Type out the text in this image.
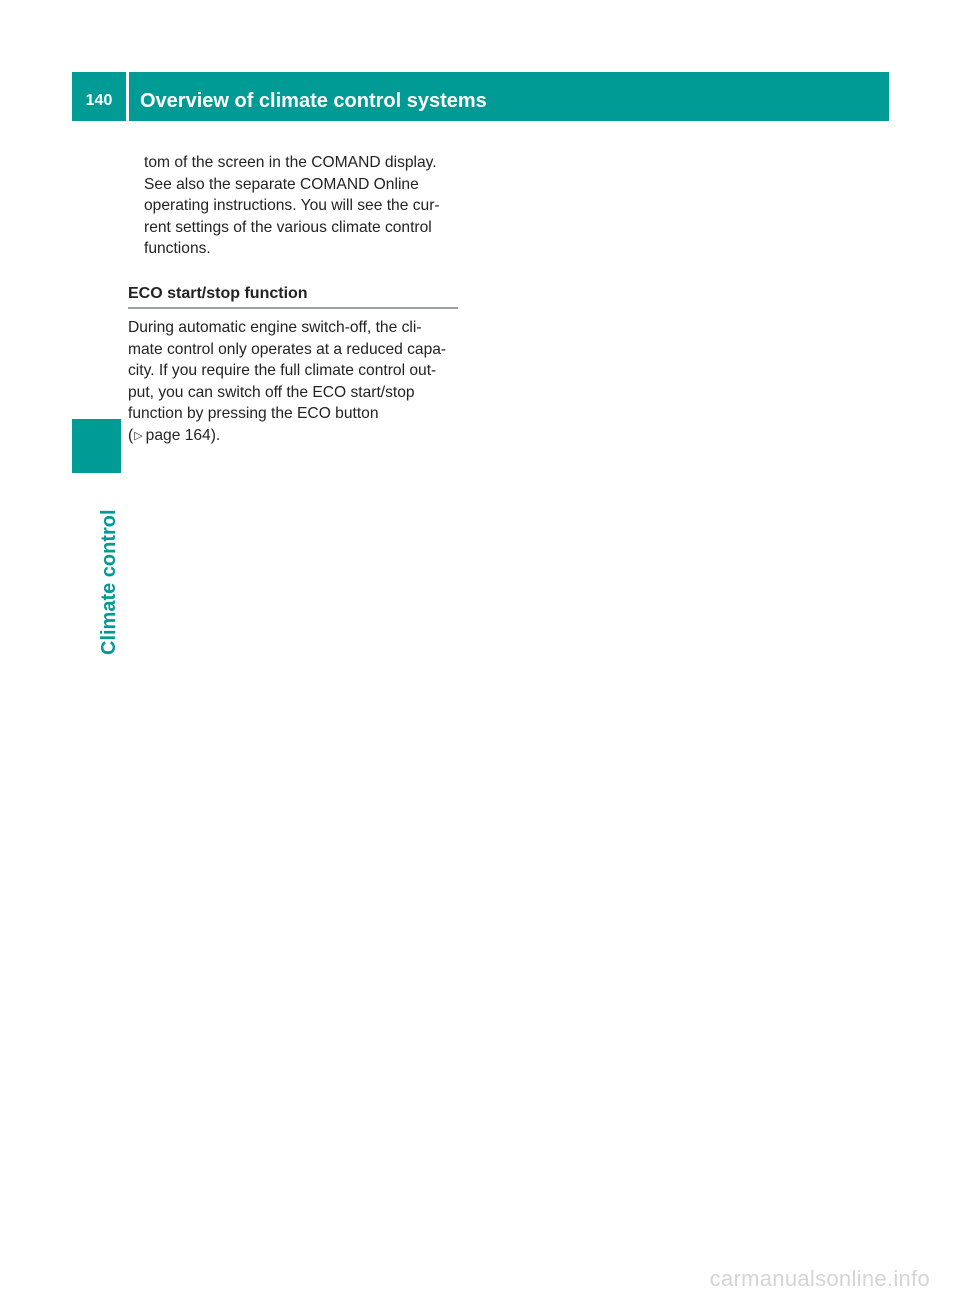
140	Overview of climate control systems
Climate control
tom of the screen in the COMAND display.
See also the separate COMAND Online
operating instructions. You will see the cur-
rent settings of the various climate control
functions.
ECO start/stop function
During automatic engine switch-off, the cli-
mate control only operates at a reduced capa-
city. If you require the full climate control out-
put, you can switch off the ECO start/stop
function by pressing the ECO button
(▷ page 164).
carmanualsonline.info
